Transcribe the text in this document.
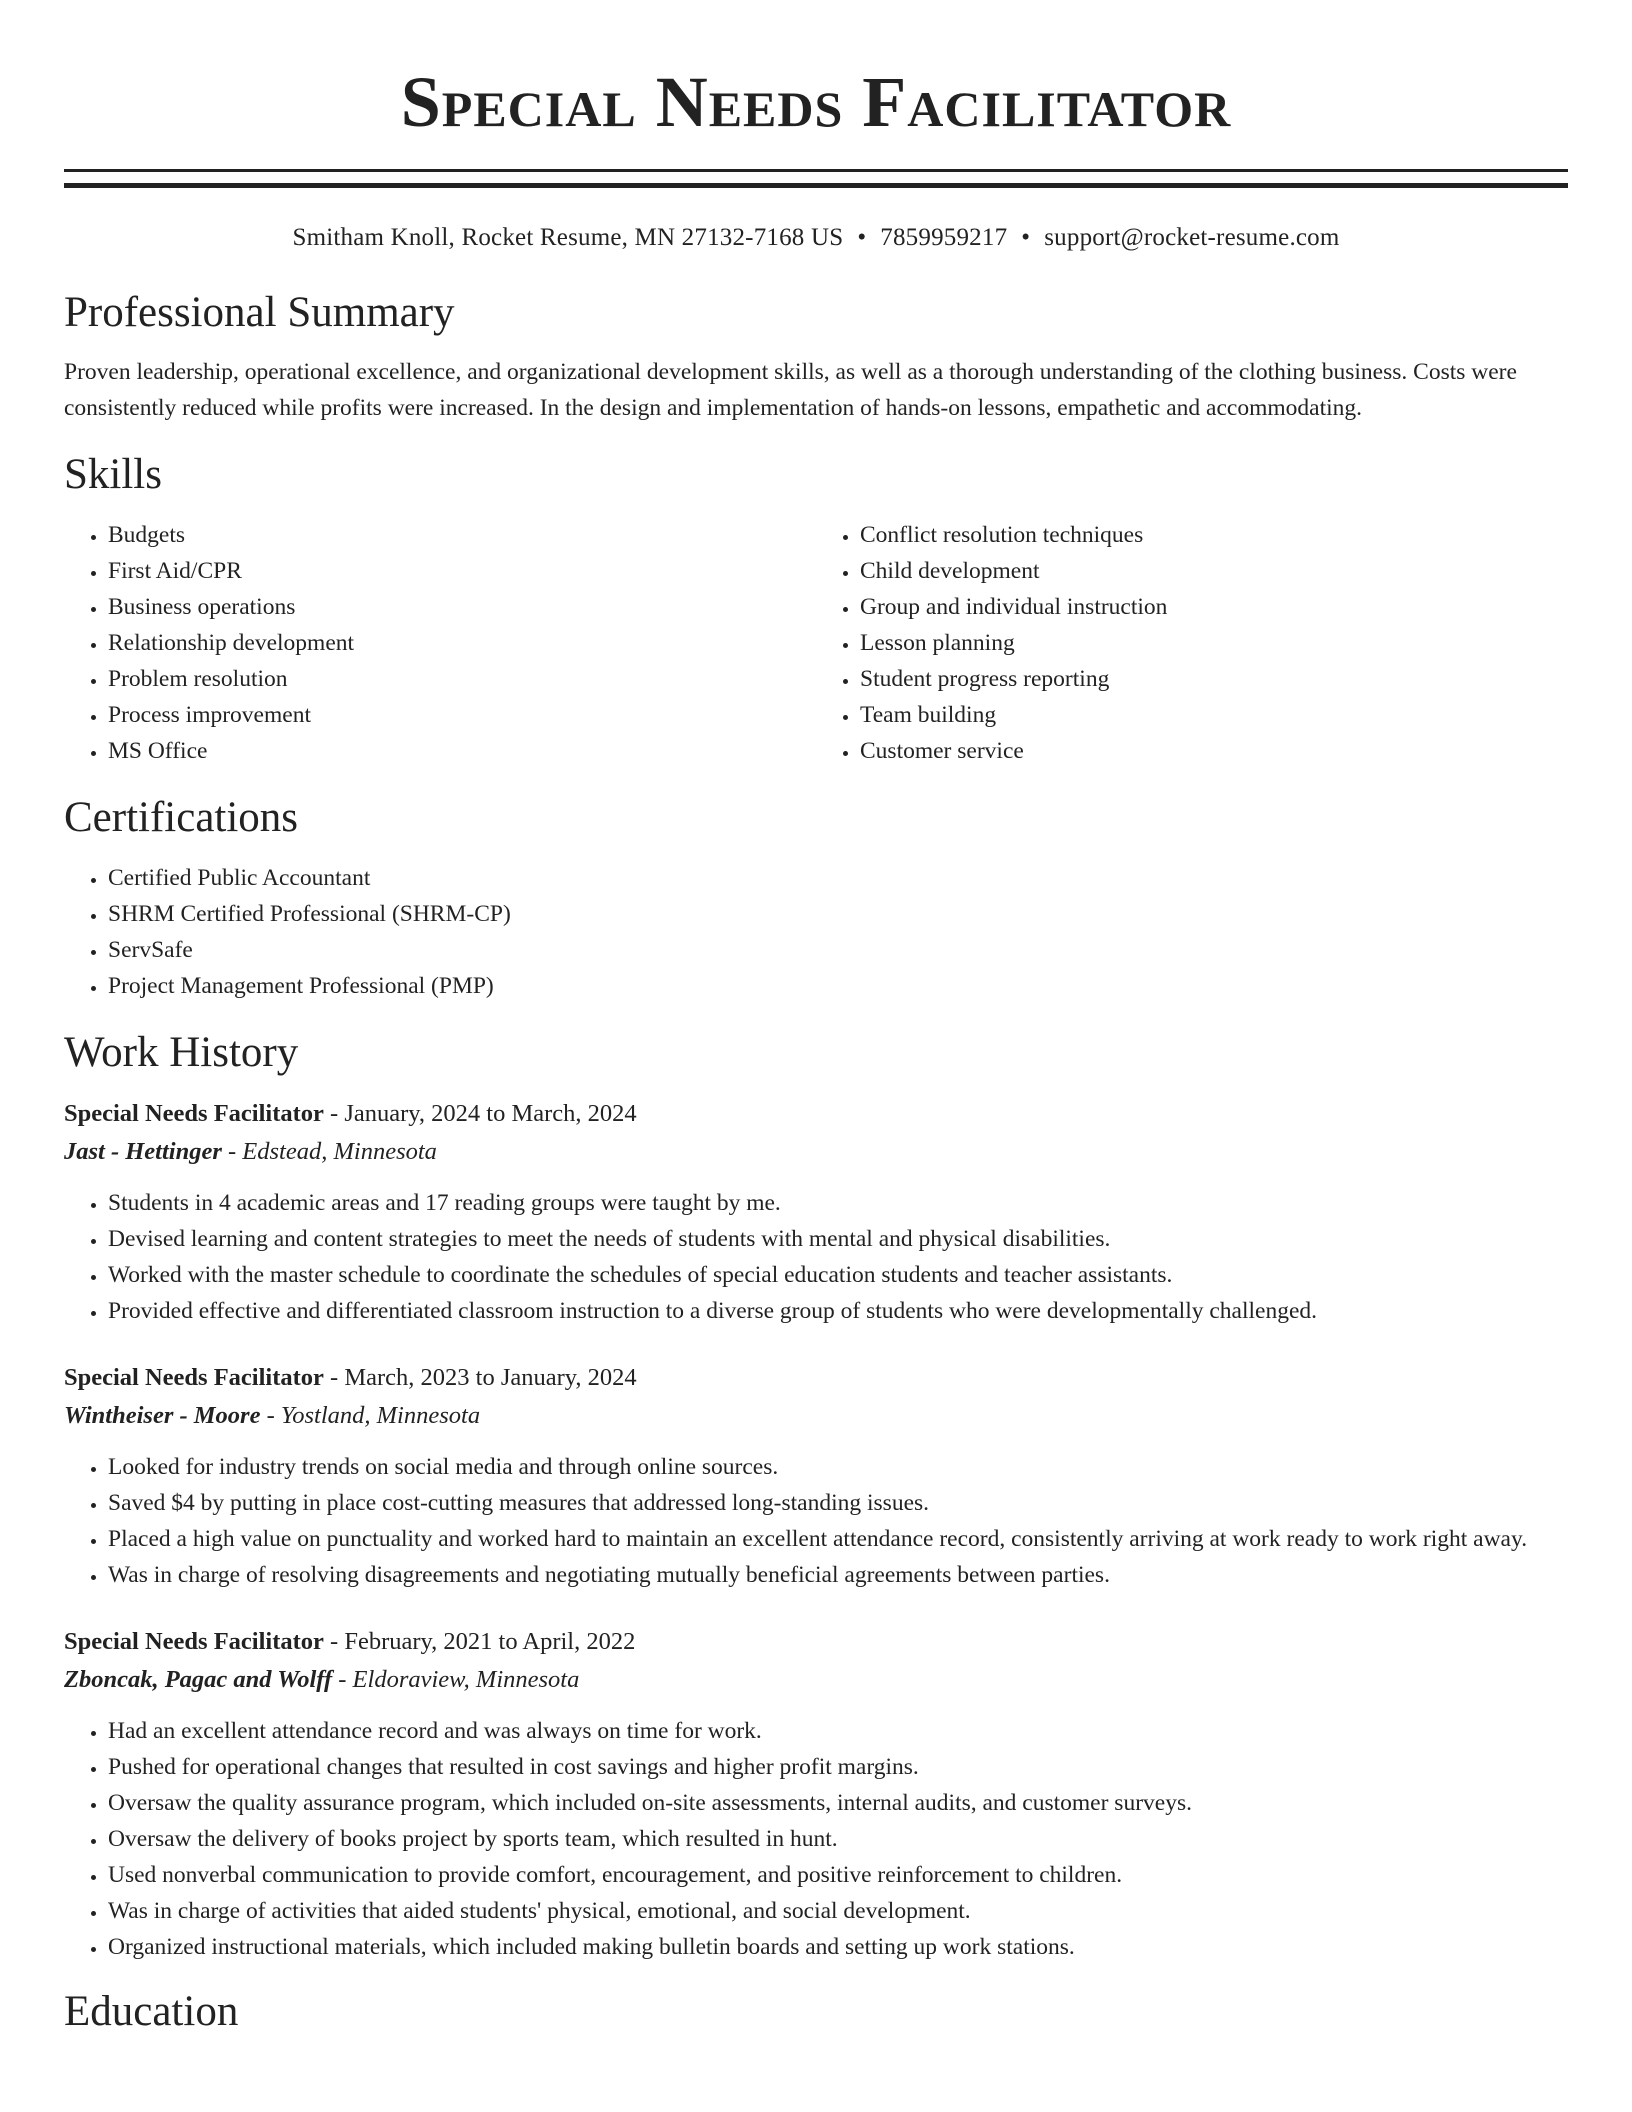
Special Needs Facilitator
Smitham Knoll, Rocket Resume, MN 27132-7168 US • 7859959217 • support@rocket-resume.com
Professional Summary

Proven leadership, operational excellence, and organizational development skills, as well as a thorough understanding of the clothing business. Costs were consistently reduced while profits were increased. In the design and implementation of hands-on lessons, empathetic and accommodating.

Skills
• Budgets
• First Aid/CPR
• Business operations
• Relationship development
• Problem resolution
• Process improvement
• MS Office
• Conflict resolution techniques
• Child development
• Group and individual instruction
• Lesson planning
• Student progress reporting
• Team building
• Customer service
Certifications
• Certified Public Accountant
• SHRM Certified Professional (SHRM-CP)
• ServSafe
• Project Management Professional (PMP)
Work History
Special Needs Facilitator - January, 2024 to March, 2024
Jast - Hettinger - Edstead, Minnesota
• Students in 4 academic areas and 17 reading groups were taught by me.
• Devised learning and content strategies to meet the needs of students with mental and physical disabilities.
• Worked with the master schedule to coordinate the schedules of special education students and teacher assistants.
• Provided effective and differentiated classroom instruction to a diverse group of students who were developmentally challenged.
Special Needs Facilitator - March, 2023 to January, 2024
Wintheiser - Moore - Yostland, Minnesota
• Looked for industry trends on social media and through online sources.
• Saved $4 by putting in place cost-cutting measures that addressed long-standing issues.
• Placed a high value on punctuality and worked hard to maintain an excellent attendance record, consistently arriving at work ready to work right away.
• Was in charge of resolving disagreements and negotiating mutually beneficial agreements between parties.
Special Needs Facilitator - February, 2021 to April, 2022
Zboncak, Pagac and Wolff - Eldoraview, Minnesota
• Had an excellent attendance record and was always on time for work.
• Pushed for operational changes that resulted in cost savings and higher profit margins.
• Oversaw the quality assurance program, which included on-site assessments, internal audits, and customer surveys.
• Oversaw the delivery of books project by sports team, which resulted in hunt.
• Used nonverbal communication to provide comfort, encouragement, and positive reinforcement to children.
• Was in charge of activities that aided students' physical, emotional, and social development.
• Organized instructional materials, which included making bulletin boards and setting up work stations.
Education
